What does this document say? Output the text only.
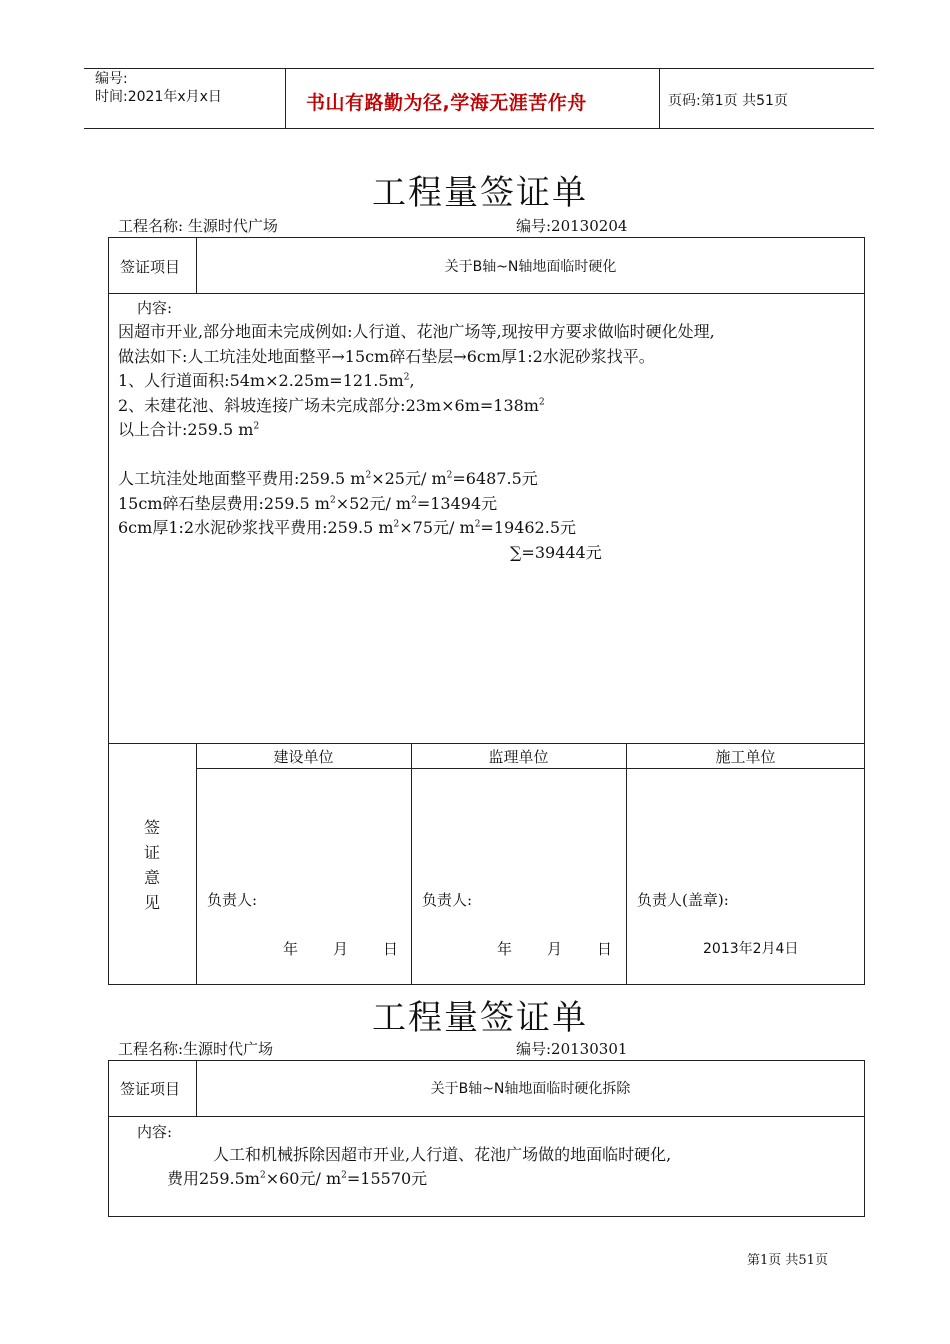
编号:
时间:2021年x月x日	书山有路勤为径,学海无涯苦作舟	页码:第1页 共51页
工程量签证单
工程名称: 生源时代广场	编号:20130204
签证项目	关于B轴~N轴地面临时硬化
内容:
因超市开业,部分地面未完成例如:人行道、花池广场等,现按甲方要求做临时硬化处理,
做法如下:人工坑洼处地面整平→15cm碎石垫层→6cm厚1:2水泥砂浆找平。
1、人行道面积$:54m\times 2.25m=121.5m^2$,
2、未建花池、斜坡连接广场未完成部分$:23m\times 6m=138m^2$
以上合计:259.5 $m^2$
人工坑洼处地面整平费用:259.5 $m^2\times 25$元/ $m^2=6487.5$元
15cm碎石垫层费用:259.5 $m^2\times 52$元/ $m^2=13494$元
6cm厚1:2水泥砂浆找平费用:259.5 $m^2\times 75$元/ $m^2=19462.5$元
∑=39444元
签
证
意
见
建设单位	监理单位	施工单位
负责人:	负责人:	负责人(盖章):
年 月 日	年 月 日	2013年2月4日
工程量签证单
工程名称:生源时代广场	编号:20130301
签证项目	关于B轴~N轴地面临时硬化拆除
内容:
人工和机械拆除因超市开业,人行道、花池广场做的地面临时硬化,
费用$259.5m^2\times 60$元/ $m^2=15570$元
第1页 共51页
